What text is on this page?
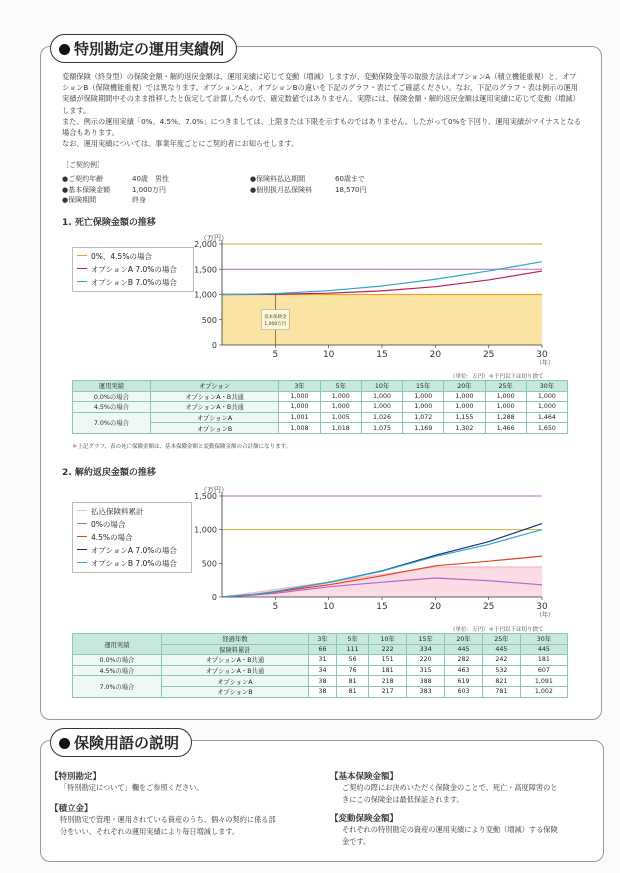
特別勘定の運用実績例
変額保険（終身型）の保険金額・解約返戻金額は、運用実績に応じて変動（増減）しますが、変動保険金等の取扱方法はオプションA（積立機能重視）と、オプションB（保険機能重視）では異なります。オプションAと、オプションBの違いを下記のグラフ・表にてご確認ください。なお、下記のグラフ・表は例示の運用実績が保険期間中そのまま推移したと仮定して計算したもので、確定数値ではありません。実際には、保険金額・解約返戻金額は運用実績に応じて変動（増減）します。
また、例示の運用実績「0%、4.5%、7.0%」につきましては、上限または下限を示すものではありません。したがって0%を下回り、運用実績がマイナスとなる場合もあります。
なお、運用実績については、事業年度ごとにご契約者にお知らせします。
［ご契約例］
●ご契約年齢	40歳　男性
●基本保険金額	1,000万円
●保険期間	終身
●保険料払込期間	60歳まで
●個別扱月払保険料	18,570円
1. 死亡保険金額の推移
0
500
1,000
1,500
2,000
5	10	15	20	25	30
（万円）
（年）
基本保険金
1,000万円
0%、4.5%の場合
オプションA 7.0%の場合
オプションB 7.0%の場合
（単位：万円）＊千円以下は切り捨て
運用実績	オプション	3年	5年	10年	15年	20年	25年	30年
0.0%の場合	オプションA・B共通	1,000	1,000	1,000	1,000	1,000	1,000	1,000
4.5%の場合	オプションA・B共通	1,000	1,000	1,000	1,000	1,000	1,000	1,000
7.0%の場合	オプションA	1,001	1,005	1,026	1,072	1,155	1,288	1,464
	オプションB	1,008	1,018	1,075	1,169	1,302	1,466	1,650
＊上記グラフ、表の死亡保険金額は、基本保険金額と変動保険金額の合計額になります。
2. 解約返戻金額の推移
0
500
1,000
1,500
5	10	15	20	25	30
（万円）
（年）
払込保険料累計
0%の場合
4.5%の場合
オプションA 7.0%の場合
オプションB 7.0%の場合
（単位：万円）＊千円以下は切り捨て
運用実績	経過年数	3年	5年	10年	15年	20年	25年	30年
	保険料累計	66	111	222	334	445	445	445
0.0%の場合	オプションA・B共通	31	56	151	220	282	242	181
4.5%の場合	オプションA・B共通	34	76	181	315	463	532	607
7.0%の場合	オプションA	38	81	218	388	619	821	1,091
	オプションB	38	81	217	383	603	781	1,002
保険用語の説明
【特別勘定】
「特別勘定について」欄をご参照ください。
【積立金】
特別勘定で管理・運用されている資産のうち、個々の契約に係る部
分をいい、それぞれの運用実績により毎日増減します。
【基本保険金額】
ご契約の際にお決めいただく保険金のことで、死亡・高度障害のと
きにこの保険金は最低保証されます。
【変動保険金額】
それぞれの特別勘定の資産の運用実績により変動（増減）する保険
金です。
